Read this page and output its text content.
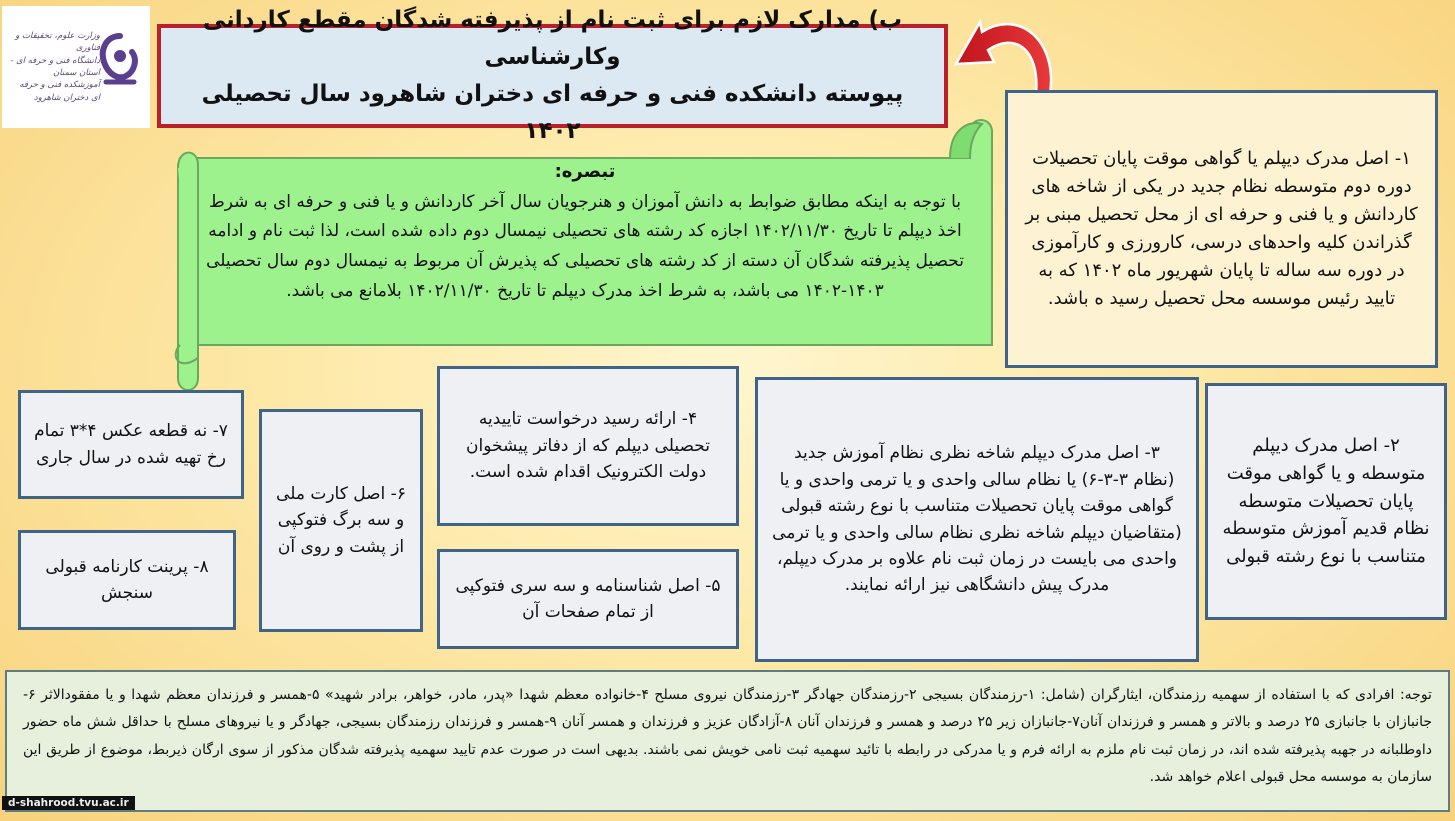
وزارت علوم، تحقیقات و فناوری
دانشگاه فنی و حرفه ای - استان سمنان
آموزشکده فنی و حرفه ای دختران شاهرود
ب) مدارک لازم برای ثبت نام از پذیرفته شدگان مقطع کاردانی وکارشناسی
پیوسته دانشکده فنی و حرفه ای دختران شاهرود سال تحصیلی ۱۴۰۲
تبصره:
با توجه به اینکه مطابق ضوابط به دانش آموزان و هنرجویان سال آخر کاردانش و یا فنی و حرفه ای به شرط اخذ دیپلم تا تاریخ ۱۴۰۲/۱۱/۳۰ اجازه کد رشته های تحصیلی نیمسال دوم داده شده است، لذا ثبت نام و ادامه تحصیل پذیرفته شدگان آن دسته از کد رشته های تحصیلی که پذیرش آن مربوط به نیمسال دوم سال تحصیلی ۱۴۰۳-۱۴۰۲ می باشد، به شرط اخذ مدرک دیپلم تا تاریخ ۱۴۰۲/۱۱/۳۰ بلامانع می باشد.
۱- اصل مدرک دیپلم یا گواهی موقت پایان تحصیلات دوره دوم متوسطه نظام جدید در یکی از شاخه های کاردانش و یا فنی و حرفه ای از محل تحصیل مبنی بر گذراندن کلیه واحدهای درسی، کارورزی و کارآموزی در دوره سه ساله تا پایان شهریور ماه ۱۴۰۲ که به تایید رئیس موسسه محل تحصیل رسید ه باشد.
۲- اصل مدرک دیپلم متوسطه و یا گواهی موقت پایان تحصیلات متوسطه نظام قدیم آموزش متوسطه متناسب با نوع رشته قبولی
۳- اصل مدرک دیپلم شاخه نظری نظام آموزش جدید (نظام ۳-۳-۶) یا نظام سالی واحدی و یا ترمی واحدی و یا گواهی موقت پایان تحصیلات متناسب با نوع رشته قبولی (متقاضیان دیپلم شاخه نظری نظام سالی واحدی و یا ترمی واحدی می بایست در زمان ثبت نام علاوه بر مدرک دیپلم، مدرک پیش دانشگاهی نیز ارائه نمایند.
۴- ارائه رسید درخواست تاییدیه تحصیلی دیپلم که از دفاتر پیشخوان دولت الکترونیک اقدام شده است.
۵- اصل شناسنامه و سه سری فتوکپی از تمام صفحات آن
۶- اصل کارت ملی و سه برگ فتوکپی از پشت و روی آن
۷- نه قطعه عکس ۴*۳ تمام رخ تهیه شده در سال جاری
۸- پرینت کارنامه قبولی سنجش
توجه: افرادی که با استفاده از سهمیه رزمندگان، ایثارگران (شامل: ۱-رزمندگان بسیجی ۲-رزمندگان جهادگر ۳-رزمندگان نیروی مسلح ۴-خانواده معظم شهدا «پدر، مادر، خواهر، برادر شهید» ۵-همسر و فرزندان معظم شهدا و یا مفقودالاثر ۶-جانبازان با جانبازی ۲۵ درصد و بالاتر و همسر و فرزندان آنان۷-جانبازان زیر ۲۵ درصد و همسر و فرزندان آنان ۸-آزادگان عزیز و فرزندان و همسر آنان ۹-همسر و فرزندان رزمندگان بسیجی، جهادگر و یا نیروهای مسلح با حداقل شش ماه حضور داوطلبانه در جهبه پذیرفته شده اند، در زمان ثبت نام ملزم به ارائه فرم و یا مدرکی در رابطه با تائید سهمیه ثبت نامی خویش نمی باشند. بدیهی است در صورت عدم تایید سهمیه پذیرفته شدگان مذکور از سوی ارگان ذیربط، موضوع از طریق این سازمان به موسسه محل قبولی اعلام خواهد شد.
d-shahrood.tvu.ac.ir
